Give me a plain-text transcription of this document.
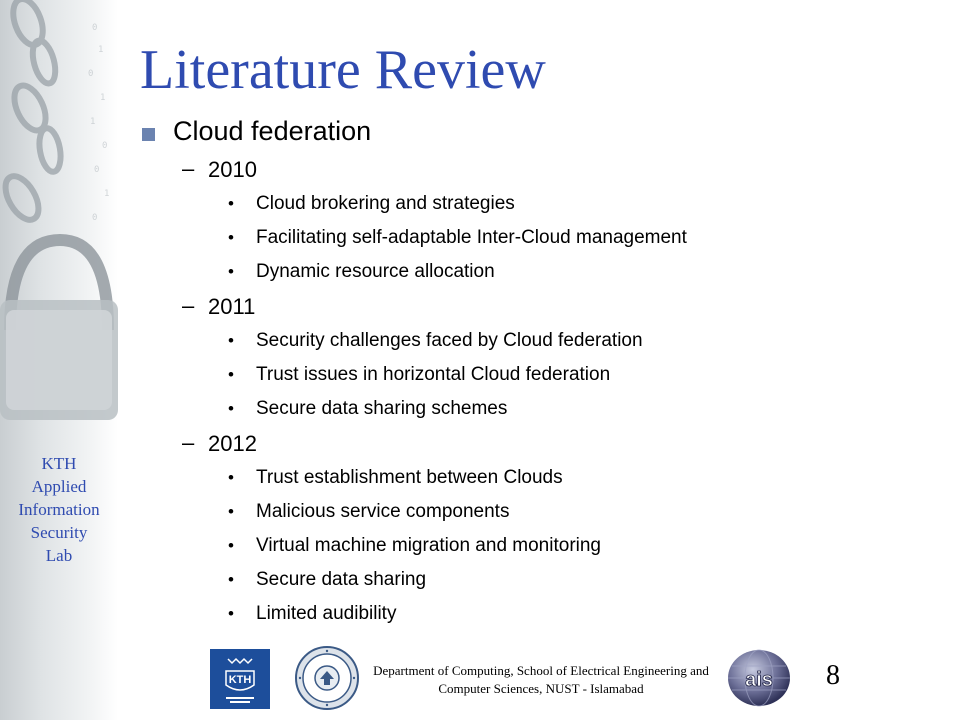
0
1
0
1
1
0
0
1
0
KTH
Applied
Information
Security
Lab
Literature Review
Cloud federation
– 2010
• Cloud brokering and strategies
• Facilitating self-adaptable Inter-Cloud management
• Dynamic resource allocation
– 2011
• Security challenges faced by Cloud federation
• Trust issues in horizontal Cloud federation
• Secure data sharing schemes
– 2012
• Trust establishment between Clouds
• Malicious service components
• Virtual machine migration and monitoring
• Secure data sharing
• Limited audibility
KTH
Department of Computing, School of Electrical Engineering and Computer Sciences, NUST - Islamabad	ais 8
